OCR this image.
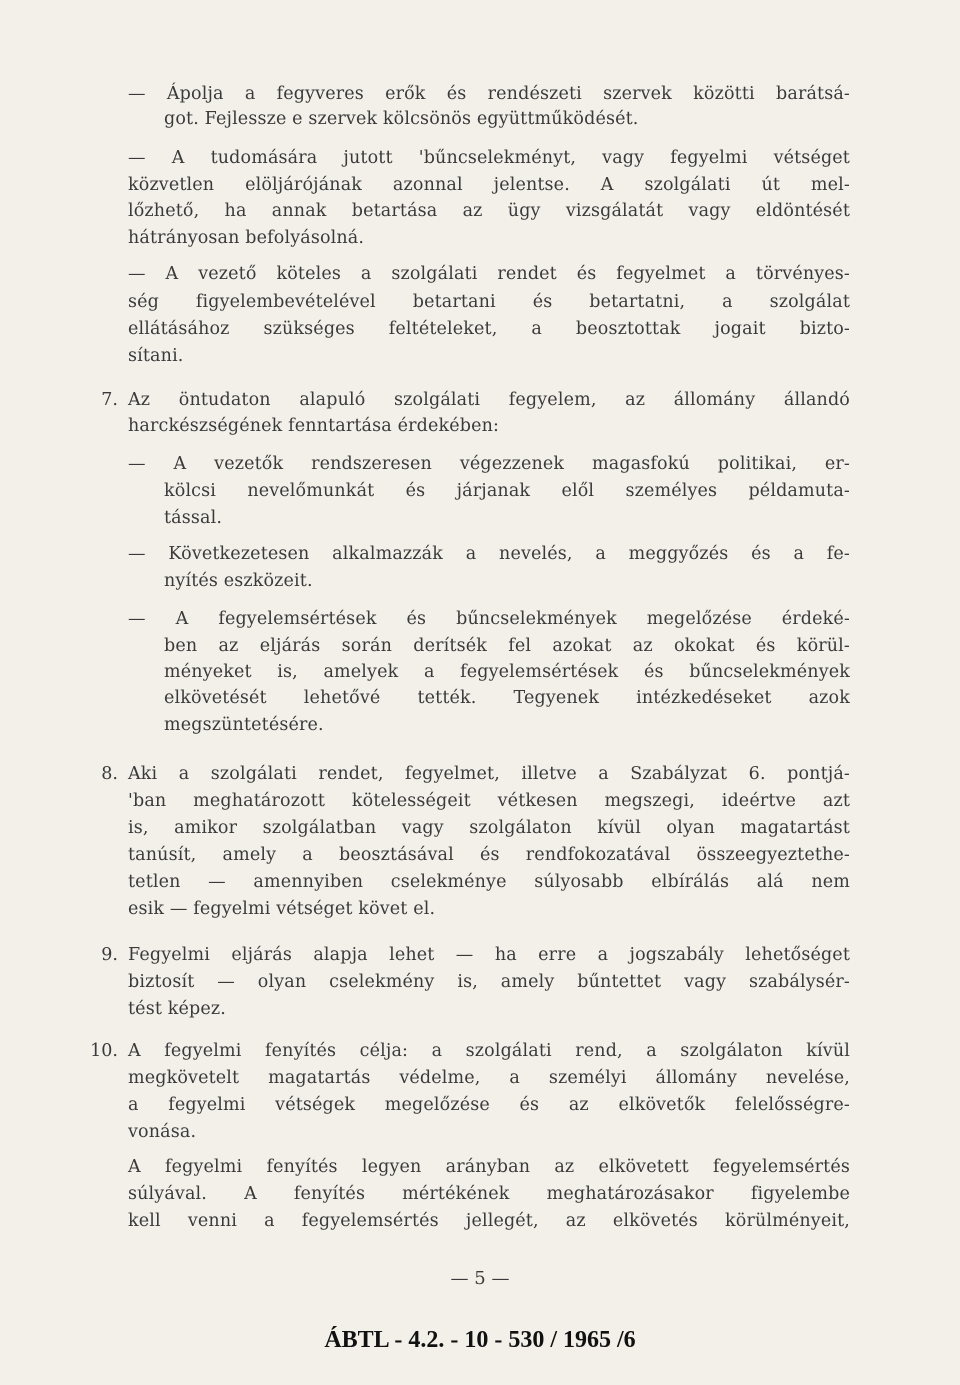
— Ápolja a fegyveres erők és rendészeti szervek közötti barátsá-
got. Fejlessze e szervek kölcsönös együttműködését.
— A tudomására jutott 'bűncselekményt, vagy fegyelmi vétséget
közvetlen elöljárójának azonnal jelentse. A szolgálati út mel-
lőzhető, ha annak betartása az ügy vizsgálatát vagy eldöntését
hátrányosan befolyásolná.
— A vezető köteles a szolgálati rendet és fegyelmet a törvényes-
ség figyelembevételével betartani és betartatni, a szolgálat
ellátásához szükséges feltételeket, a beosztottak jogait bizto-
sítani.
7. Az öntudaton alapuló szolgálati fegyelem, az állomány állandó
harckészségének fenntartása érdekében:
— A vezetők rendszeresen végezzenek magasfokú politikai, er-
kölcsi nevelőmunkát és járjanak elől személyes példamuta-
tással.
— Következetesen alkalmazzák a nevelés, a meggyőzés és a fe-
nyítés eszközeit.
— A fegyelemsértések és bűncselekmények megelőzése érdeké-
ben az eljárás során derítsék fel azokat az okokat és körül-
ményeket is, amelyek a fegyelemsértések és bűncselekmények
elkövetését lehetővé tették. Tegyenek intézkedéseket azok
megszüntetésére.
8. Aki a szolgálati rendet, fegyelmet, illetve a Szabályzat 6. pontjá-
'ban meghatározott kötelességeit vétkesen megszegi, ideértve azt
is, amikor szolgálatban vagy szolgálaton kívül olyan magatartást
tanúsít, amely a beosztásával és rendfokozatával összeegyeztethe-
tetlen — amennyiben cselekménye súlyosabb elbírálás alá nem
esik — fegyelmi vétséget követ el.
9. Fegyelmi eljárás alapja lehet — ha erre a jogszabály lehetőséget
biztosít — olyan cselekmény is, amely bűntettet vagy szabálysér-
tést képez.
10. A fegyelmi fenyítés célja: a szolgálati rend, a szolgálaton kívül
megkövetelt magatartás védelme, a személyi állomány nevelése,
a fegyelmi vétségek megelőzése és az elkövetők felelősségre-
vonása.
A fegyelmi fenyítés legyen arányban az elkövetett fegyelemsértés
súlyával. A fenyítés mértékének meghatározásakor figyelembe
kell venni a fegyelemsértés jellegét, az elkövetés körülményeit,
— 5 —
ÁBTL - 4.2. - 10 - 530 / 1965 /6
